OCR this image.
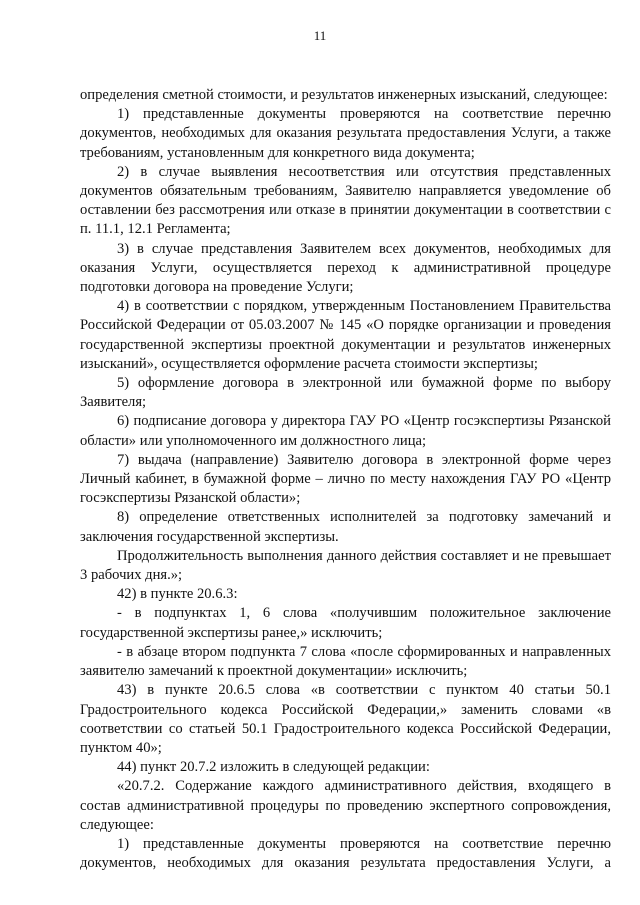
11

определения сметной стоимости, и результатов инженерных изысканий, следующее:

1) представленные документы проверяются на соответствие перечню документов, необходимых для оказания результата предоставления Услуги, а также требованиям, установленным для конкретного вида документа;

2) в случае выявления несоответствия или отсутствия представленных документов обязательным требованиям, Заявителю направляется уведомление об оставлении без рассмотрения или отказе в принятии документации в соответствии с п. 11.1, 12.1 Регламента;

3) в случае представления Заявителем всех документов, необходимых для оказания Услуги, осуществляется переход к административной процедуре подготовки договора на проведение Услуги;

4) в соответствии с порядком, утвержденным Постановлением Правительства Российской Федерации от 05.03.2007 № 145 «О порядке организации и проведения государственной экспертизы проектной документации и результатов инженерных изысканий», осуществляется оформление расчета стоимости экспертизы;

5) оформление договора в электронной или бумажной форме по выбору Заявителя;

6) подписание договора у директора ГАУ РО «Центр госэкспертизы Рязанской области» или уполномоченного им должностного лица;

7) выдача (направление) Заявителю договора в электронной форме через Личный кабинет, в бумажной форме – лично по месту нахождения ГАУ РО «Центр госэкспертизы Рязанской области»;

8) определение ответственных исполнителей за подготовку замечаний и заключения государственной экспертизы.

Продолжительность выполнения данного действия составляет и не превышает 3 рабочих дня.»;

42) в пункте 20.6.3:

- в подпунктах 1, 6 слова «получившим положительное заключение государственной экспертизы ранее,» исключить;

- в абзаце втором подпункта 7 слова «после сформированных и направленных заявителю замечаний к проектной документации» исключить;

43) в пункте 20.6.5 слова «в соответствии с пунктом 40 статьи 50.1 Градостроительного кодекса Российской Федерации,» заменить словами «в соответствии со статьей 50.1 Градостроительного кодекса Российской Федерации, пунктом 40»;

44) пункт 20.7.2 изложить в следующей редакции:

«20.7.2. Содержание каждого административного действия, входящего в состав административной процедуры по проведению экспертного сопровождения, следующее:

1) представленные документы проверяются на соответствие перечню документов, необходимых для оказания результата предоставления Услуги, а
